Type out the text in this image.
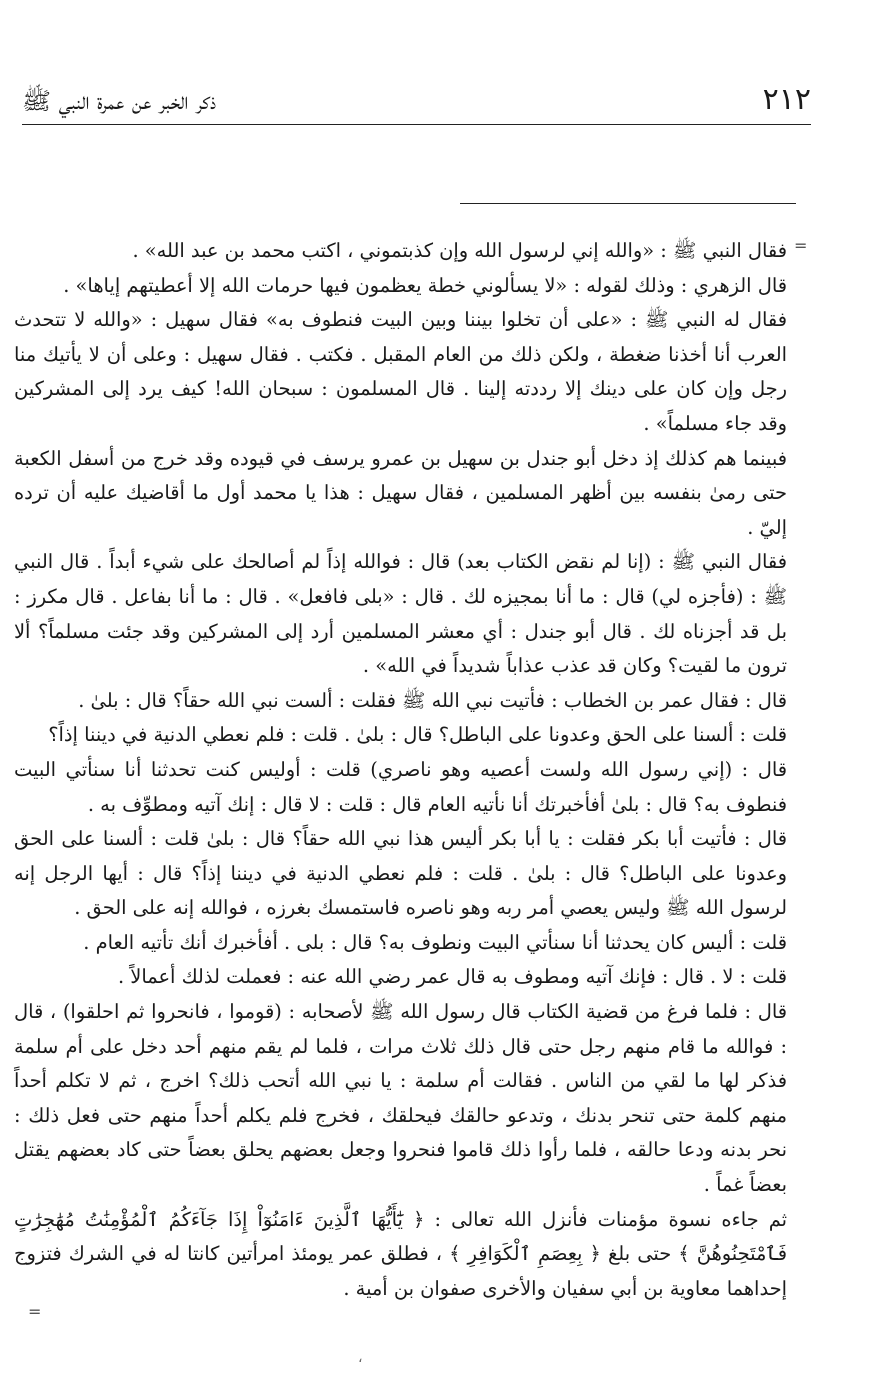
٢١٢
ذكر الخبر عن عمرة النبي ﷺ
=
=

فقال النبي ﷺ : «والله إني لرسول الله وإن كذبتموني ، اكتب محمد بن عبد الله» .

قال الزهري : وذلك لقوله : «لا يسألوني خطة يعظمون فيها حرمات الله إلا أعطيتهم إياها» .

فقال له النبي ﷺ : «على أن تخلوا بيننا وبين البيت فنطوف به» فقال سهيل : «والله لا تتحدث العرب أنا أخذنا ضغطة ، ولكن ذلك من العام المقبل . فكتب . فقال سهيل : وعلى أن لا يأتيك منا رجل وإن كان على دينك إلا رددته إلينا . قال المسلمون : سبحان الله! كيف يرد إلى المشركين وقد جاء مسلماً» .

فبينما هم كذلك إذ دخل أبو جندل بن سهيل بن عمرو يرسف في قيوده وقد خرج من أسفل الكعبة حتى رمىٰ بنفسه بين أظهر المسلمين ، فقال سهيل : هذا يا محمد أول ما أقاضيك عليه أن ترده إليّ .

فقال النبي ﷺ : (إنا لم نقض الكتاب بعد) قال : فوالله إذاً لم أصالحك على شيء أبداً . قال النبي ﷺ : (فأجزه لي) قال : ما أنا بمجيزه لك . قال : «بلى فافعل» . قال : ما أنا بفاعل . قال مكرز : بل قد أجزناه لك . قال أبو جندل : أي معشر المسلمين أرد إلى المشركين وقد جئت مسلماً؟ ألا ترون ما لقيت؟ وكان قد عذب عذاباً شديداً في الله» .

قال : فقال عمر بن الخطاب : فأتيت نبي الله ﷺ فقلت : ألست نبي الله حقاً؟ قال : بلىٰ .

قلت : ألسنا على الحق وعدونا على الباطل؟ قال : بلىٰ . قلت : فلم نعطي الدنية في ديننا إذاً؟

قال : (إني رسول الله ولست أعصيه وهو ناصري) قلت : أوليس كنت تحدثنا أنا سنأتي البيت فنطوف به؟ قال : بلىٰ أفأخبرتك أنا نأتيه العام قال : قلت : لا قال : إنك آتيه ومطوِّف به .

قال : فأتيت أبا بكر فقلت : يا أبا بكر أليس هذا نبي الله حقاً؟ قال : بلىٰ قلت : ألسنا على الحق وعدونا على الباطل؟ قال : بلىٰ . قلت : فلم نعطي الدنية في ديننا إذاً؟ قال : أيها الرجل إنه لرسول الله ﷺ وليس يعصي أمر ربه وهو ناصره فاستمسك بغرزه ، فوالله إنه على الحق .

قلت : أليس كان يحدثنا أنا سنأتي البيت ونطوف به؟ قال : بلى . أفأخبرك أنك تأتيه العام .

قلت : لا . قال : فإنك آتيه ومطوف به قال عمر رضي الله عنه : فعملت لذلك أعمالاً .

قال : فلما فرغ من قضية الكتاب قال رسول الله ﷺ لأصحابه : (قوموا ، فانحروا ثم احلقوا) ، قال : فوالله ما قام منهم رجل حتى قال ذلك ثلاث مرات ، فلما لم يقم منهم أحد دخل على أم سلمة فذكر لها ما لقي من الناس . فقالت أم سلمة : يا نبي الله أتحب ذلك؟ اخرج ، ثم لا تكلم أحداً منهم كلمة حتى تنحر بدنك ، وتدعو حالقك فيحلقك ، فخرج فلم يكلم أحداً منهم حتى فعل ذلك : نحر بدنه ودعا حالقه ، فلما رأوا ذلك قاموا فنحروا وجعل بعضهم يحلق بعضاً حتى كاد بعضهم يقتل بعضاً غماً .

ثم جاءه نسوة مؤمنات فأنزل الله تعالى : ﴿ يَٰٓأَيُّهَا ٱلَّذِينَ ءَامَنُوٓاْ إِذَا جَآءَكُمُ ٱلْمُؤْمِنَٰتُ مُهَٰجِرَٰتٍ فَٱمْتَحِنُوهُنَّ ﴾ حتى بلغ ﴿ بِعِصَمِ ٱلْكَوَافِرِ ﴾ ، فطلق عمر يومئذ امرأتين كانتا له في الشرك فتزوج إحداهما معاوية بن أبي سفيان والأخرى صفوان بن أمية .

،
